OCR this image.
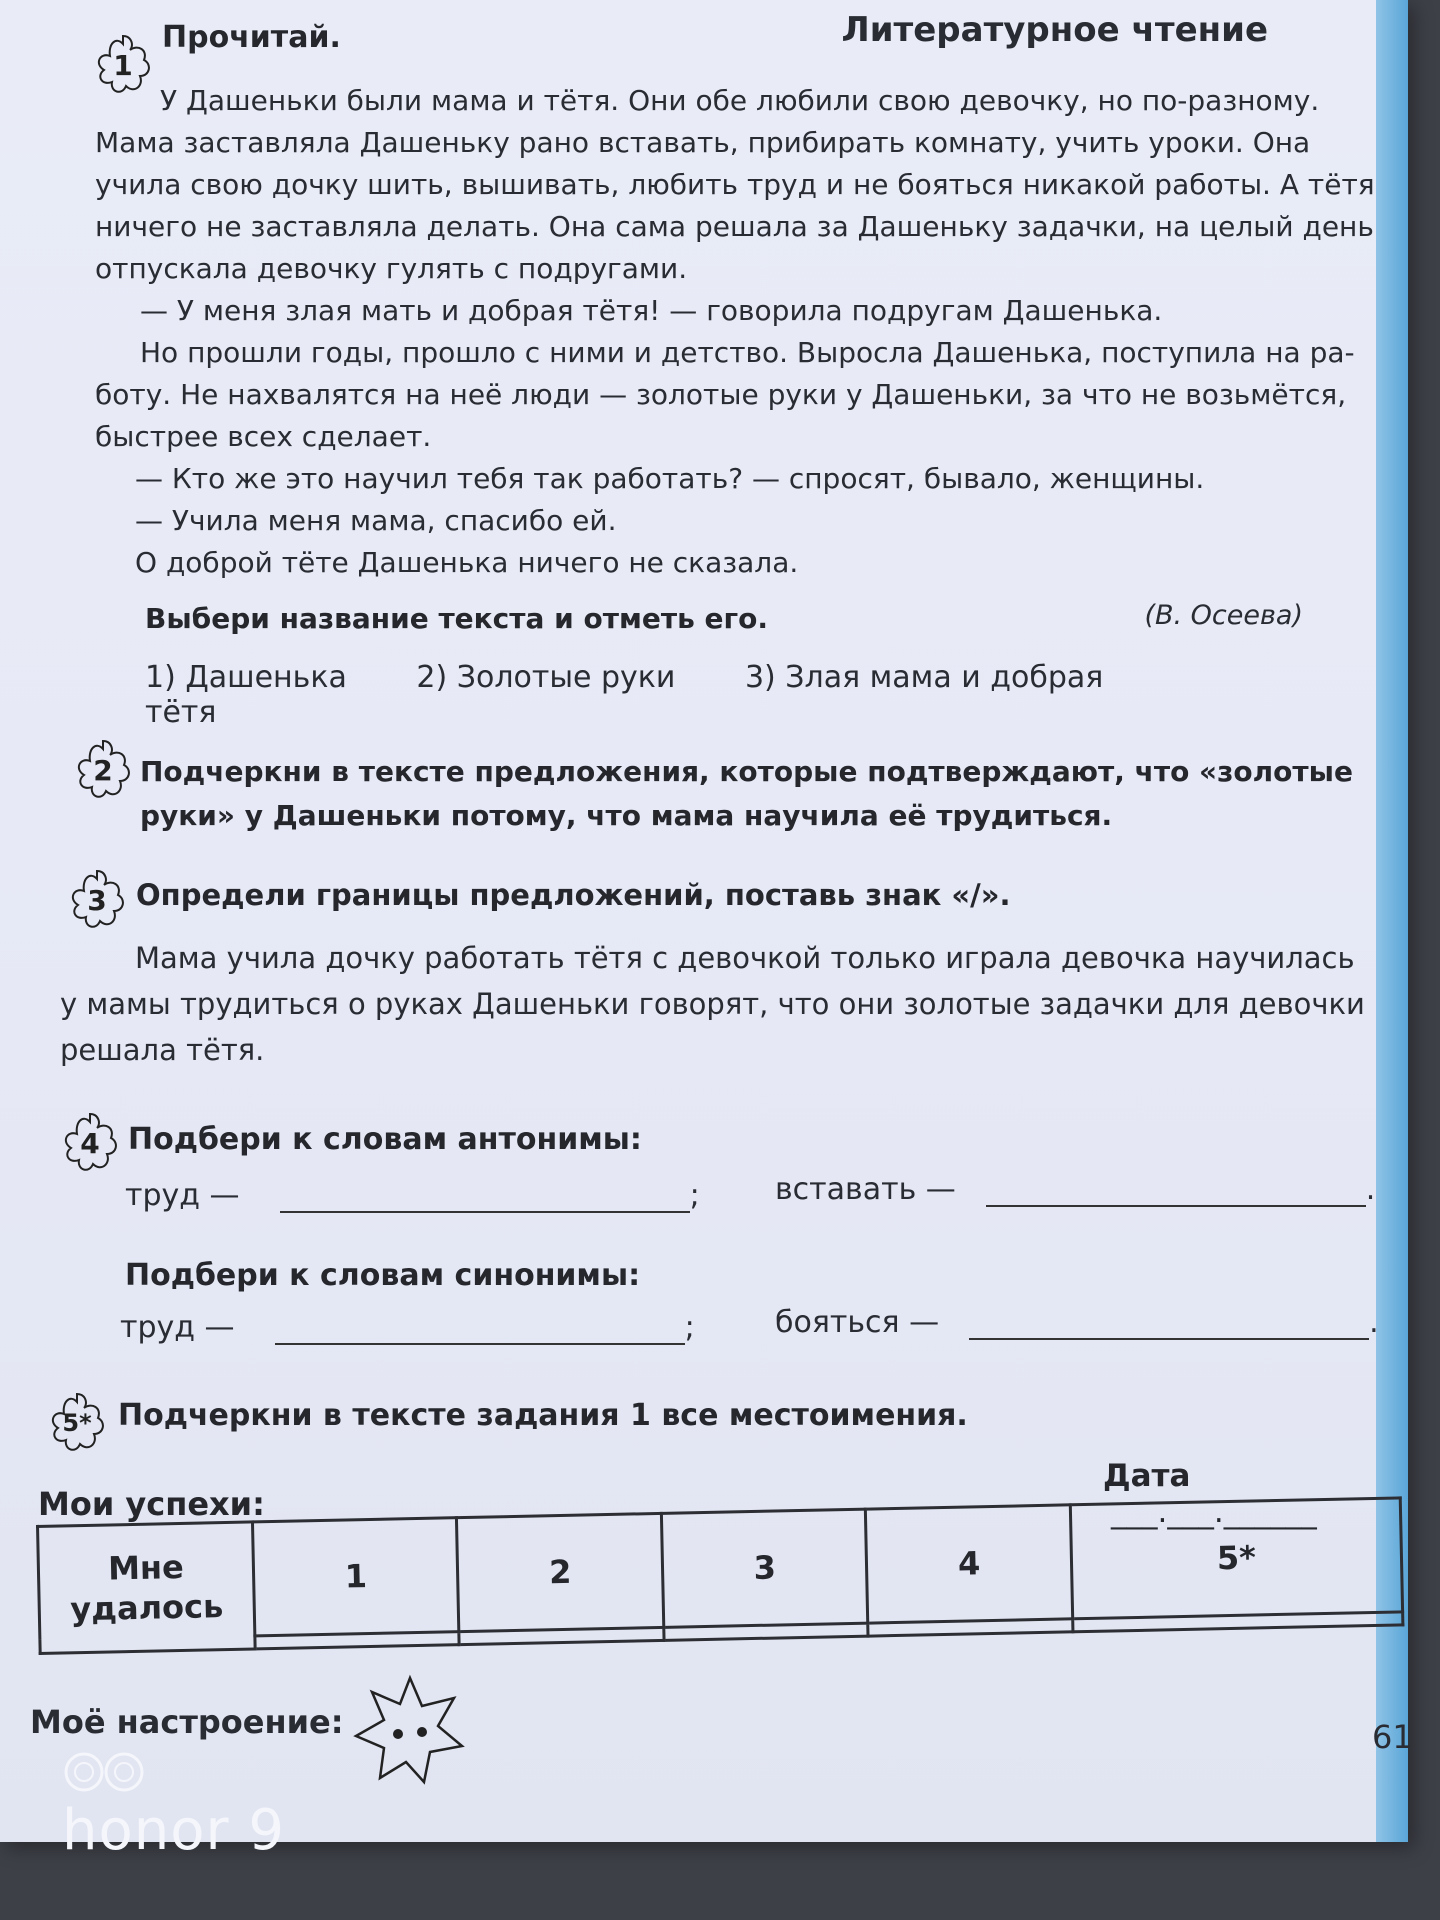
Литературное чтение
1
Прочитай.
У Дашеньки были мама и тётя. Они обе любили свою девочку, но по-разному.
Мама заставляла Дашеньку рано вставать, прибирать комнату, учить уроки. Она
учила свою дочку шить, вышивать, любить труд и не бояться никакой работы. А тётя
ничего не заставляла делать. Она сама решала за Дашеньку задачки, на целый день
отпускала девочку гулять с подругами.
— У меня злая мать и добрая тётя! — говорила подругам Дашенька.
Но прошли годы, прошло с ними и детство. Выросла Дашенька, поступила на ра-
боту. Не нахвалятся на неё люди — золотые руки у Дашеньки, за что не возьмётся,
быстрее всех сделает.
— Кто же это научил тебя так работать? — спросят, бывало, женщины.
— Учила меня мама, спасибо ей.
О доброй тёте Дашенька ничего не сказала.
(В. Осеева)
Выбери название текста и отметь его.
1) Дашенька 2) Золотые руки 3) Злая мама и добрая тётя
2 Подчеркни в тексте предложения, которые подтверждают, что «золотые
руки» у Дашеньки потому, что мама научила её трудиться.
3	Определи границы предложений, поставь знак «/».
Мама учила дочку работать тётя с девочкой только играла девочка научилась
у мамы трудиться о руках Дашеньки говорят, что они золотые задачки для девочки
решала тётя.
4 Подбери к словам антонимы:
труд —	;	вставать —	.
Подбери к словам синонимы:
труд —	;	бояться —	.
5* Подчеркни в тексте задания 1 все местоимения.
Дата ___.___.______
Мои успехи:
Мне удалось	1	2	3	4	5*

Моё настроение:	61
honor 9
